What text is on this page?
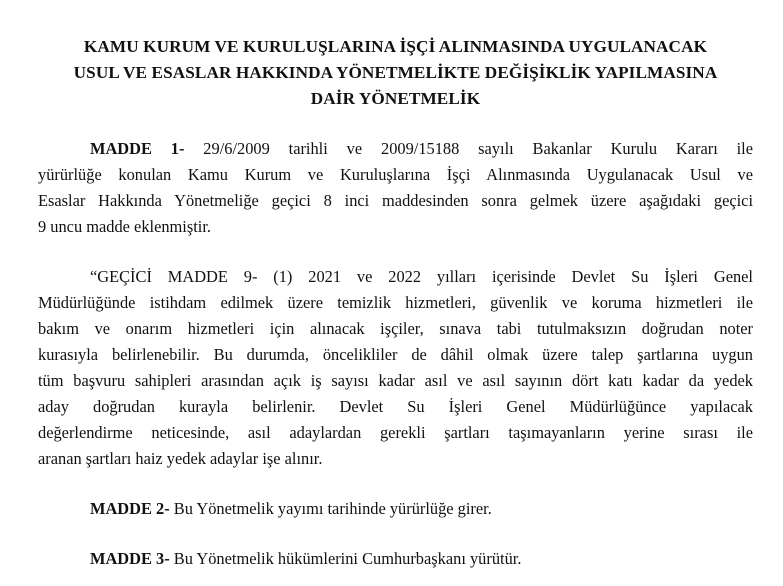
KAMU KURUM VE KURULUŞLARINA İŞÇİ ALINMASINDA UYGULANACAK
USUL VE ESASLAR HAKKINDA YÖNETMELİKTE DEĞİŞİKLİK YAPILMASINA
DAİR YÖNETMELİK
MADDE 1- 29/6/2009 tarihli ve 2009/15188 sayılı Bakanlar Kurulu Kararı ile
yürürlüğe konulan Kamu Kurum ve Kuruluşlarına İşçi Alınmasında Uygulanacak Usul ve
Esaslar Hakkında Yönetmeliğe geçici 8 inci maddesinden sonra gelmek üzere aşağıdaki geçici
9 uncu madde eklenmiştir.
“GEÇİCİ MADDE 9- (1) 2021 ve 2022 yılları içerisinde Devlet Su İşleri Genel
Müdürlüğünde istihdam edilmek üzere temizlik hizmetleri, güvenlik ve koruma hizmetleri ile
bakım ve onarım hizmetleri için alınacak işçiler, sınava tabi tutulmaksızın doğrudan noter
kurasıyla belirlenebilir. Bu durumda, öncelikliler de dâhil olmak üzere talep şartlarına uygun
tüm başvuru sahipleri arasından açık iş sayısı kadar asıl ve asıl sayının dört katı kadar da yedek
aday doğrudan kurayla belirlenir. Devlet Su İşleri Genel Müdürlüğünce yapılacak
değerlendirme neticesinde, asıl adaylardan gerekli şartları taşımayanların yerine sırası ile
aranan şartları haiz yedek adaylar işe alınır.

MADDE 2- Bu Yönetmelik yayımı tarihinde yürürlüğe girer.

MADDE 3- Bu Yönetmelik hükümlerini Cumhurbaşkanı yürütür.
